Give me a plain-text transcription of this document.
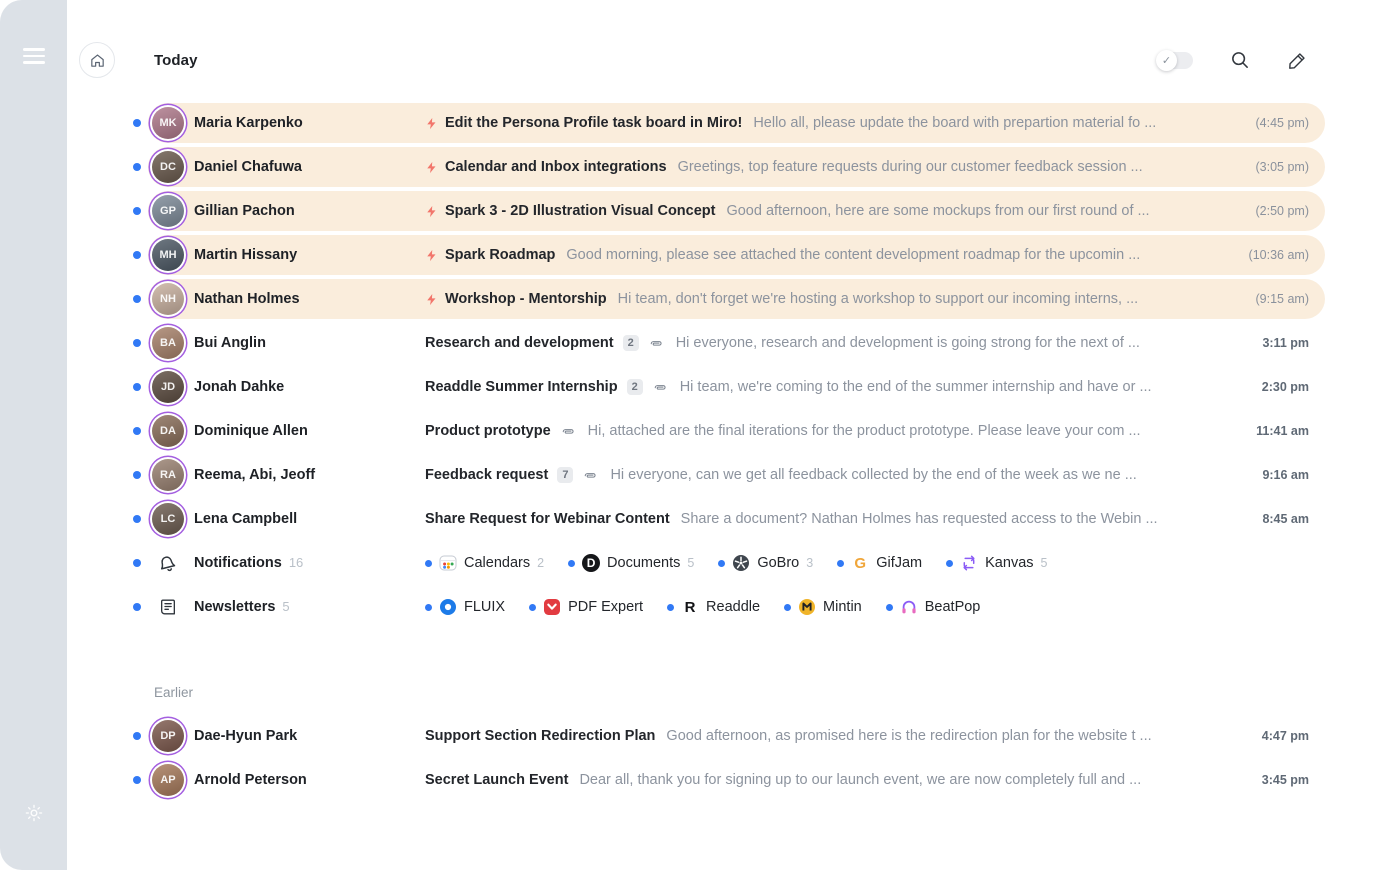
Today	✓
MK	Maria Karpenko	Edit the Persona Profile task board in Miro! Hello all, please update the board with prepartion material fo ...	(4:45 pm)
DC	Daniel Chafuwa	Calendar and Inbox integrations Greetings, top feature requests during our customer feedback session ...	(3:05 pm)
GP	Gillian Pachon	Spark 3 - 2D Illustration Visual Concept Good afternoon, here are some mockups from our first round of ...	(2:50 pm)
MH	Martin Hissany	Spark Roadmap Good morning, please see attached the content development roadmap for the upcomin ...	(10:36 am)
NH	Nathan Holmes	Workshop - Mentorship Hi team, don't forget we're hosting a workshop to support our incoming interns, ...	(9:15 am)
BA	Bui Anglin	Research and development	2	Hi everyone, research and development is going strong for the next of ...	3:11 pm
JD	Jonah Dahke	Readdle Summer Internship	2	Hi team, we're coming to the end of the summer internship and have or ...	2:30 pm
DA	Dominique Allen	Product prototype	Hi, attached are the final iterations for the product prototype. Please leave your com ...	11:41 am
RA	Reema, Abi, Jeoff	Feedback request	7	Hi everyone, can we get all feedback collected by the end of the week as we ne ...	9:16 am
LC	Lena Campbell	Share Request for Webinar Content Share a document? Nathan Holmes has requested access to the Webin ...	8:45 am
Notifications 16	Calendars 2	D Documents 5	GoBro 3	G GifJam	Kanvas 5
Newsletters 5	FLUIX	PDF Expert	R Readdle	Mintin	BeatPop
Earlier
DP	Dae-Hyun Park	Support Section Redirection Plan Good afternoon, as promised here is the redirection plan for the website t ...	4:47 pm
AP	Arnold Peterson	Secret Launch Event Dear all, thank you for signing up to our launch event, we are now completely full and ...	3:45 pm
